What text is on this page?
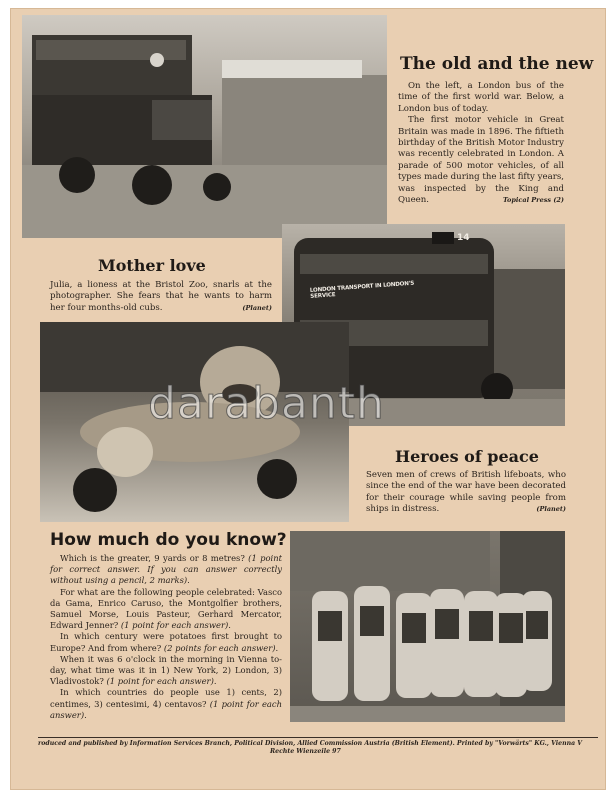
The old and the new
On the left, a London bus of the time of the first world war. Below, a London bus of today.
The first motor vehicle in Great Britain was made in 1896. The fiftieth birthday of the British Motor Industry was recently celebrated in London. A parade of 500 motor vehicles, of all types made during the last fifty years, was inspected by the King and Queen.	Topical Press (2)
Mother love
Julia, a lioness at the Bristol Zoo, snarls at the photographer. She fears that he wants to harm her four months-old cubs.	(Planet)
LONDON TRANSPORT IN LONDON'S SERVICE
14
Heroes of peace
Seven men of crews of British lifeboats, who since the end of the war have been decorated for their courage while saving people from ships in distress.	(Planet)
How much do you know?

Which is the greater, 9 yards or 8 metres? (1 point for correct answer. If you can answer correctly without using a pencil, 2 marks).

For what are the following people celebrated: Vasco da Gama, Enrico Caruso, the Montgolfier brothers, Samuel Morse, Louis Pasteur, Gerhard Mercator, Edward Jenner? (1 point for each answer).

In which century were potatoes first brought to Europe? And from where? (2 points for each answer).

When it was 6 o'clock in the morning in Vienna to-day, what time was it in 1) New York, 2) London, 3) Vladivostok? (1 point for each answer).

In which countries do people use 1) cents, 2) centimes, 3) centesimi, 4) centavos? (1 point for each answer).

darabanth
roduced and published by Information Services Branch, Political Division, Allied Commission Austria (British Element). Printed by "Vorwärts" KG., Vienna V
Rechte Wienzeile 97
